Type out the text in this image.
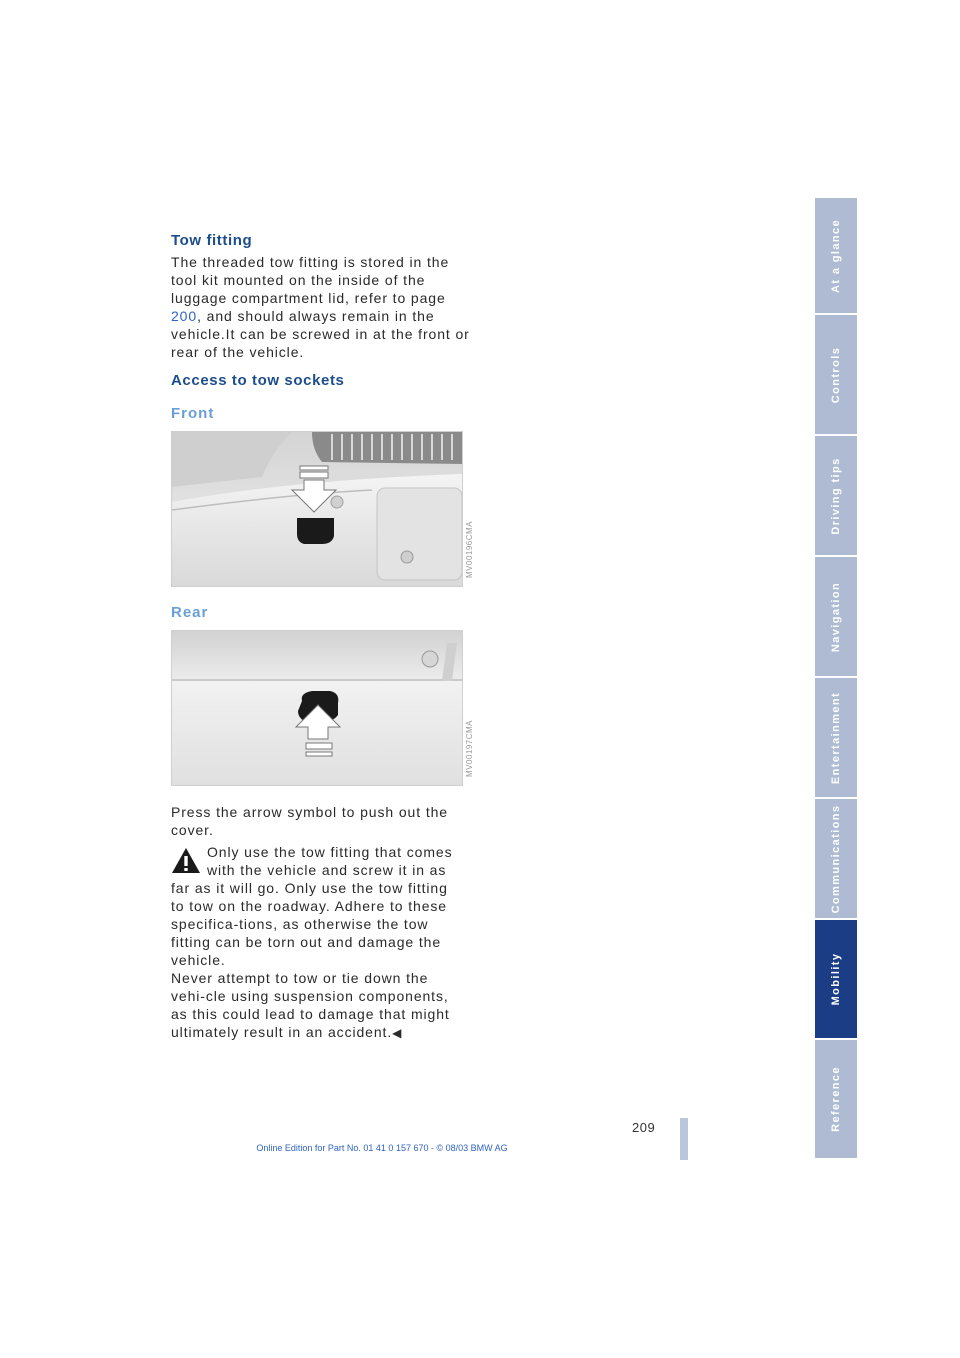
Tow fitting

The threaded tow fitting is stored in the tool kit mounted on the inside of the luggage compartment lid, refer to page 200, and should always remain in the vehicle.It can be screwed in at the front or rear of the vehicle.

Access to tow sockets
Front
MV00196CMA
Rear
MV00197CMA

Press the arrow symbol to push out the cover.

Only use the tow fitting that comes with the vehicle and screw it in as far as it will go. Only use the tow fitting to tow on the roadway. Adhere to these specifica-tions, as otherwise the tow fitting can be torn out and damage the vehicle.
Never attempt to tow or tie down the vehi-cle using suspension components, as this could lead to damage that might ultimately result in an accident.◀

At a glance
Controls
Driving tips
Navigation
Entertainment
Communications
Mobility
Reference
209
Online Edition for Part No. 01 41 0 157 670 - © 08/03 BMW AG
